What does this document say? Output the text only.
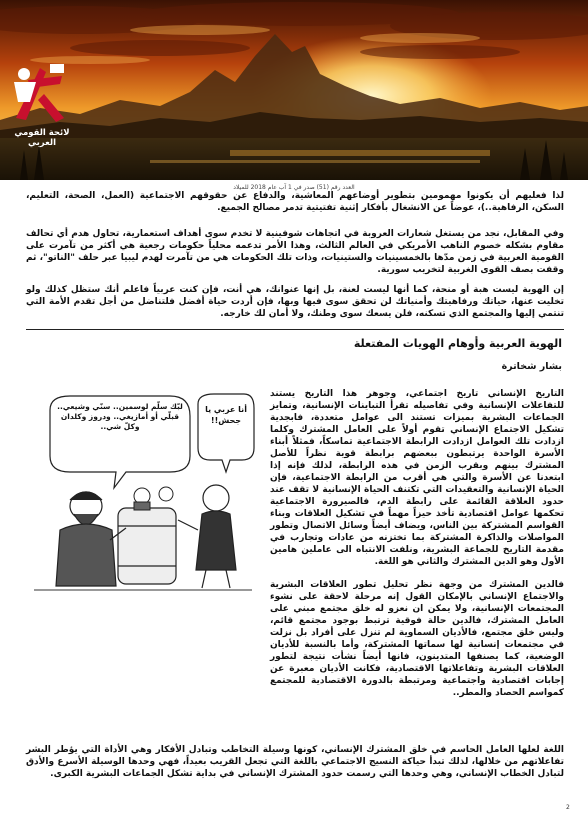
لائحة القومي العربي
العدد رقم (51) صدر في 1 آب عام 2018 للميلاد
لذا فعليهم أن يكونوا مهمومين بتطوير أوضاعهم المعاشية، والدفاع عن حقوقهم الاجتماعية (العمل، الصحة، التعليم، السكن، الرفاهية..)، عوضاً عن الانشغال بأفكار إثنية تفتيتية تدمر مصالح الجميع.
وفي المقابل، نجد من يستغل شعارات العروبة في اتجاهات شوفينية لا تخدم سوى أهداف استعمارية، تحاول هدم أي تحالف مقاوم بشكله خصوم الناهب الأمريكي في العالم الثالث، وهذا الأمر تدعمه محلياً حكومات رجعية هي أكثر من تآمرت على القومية العربية في زمن مدّها بالخمسينيات والستينيات، وذات تلك الحكومات هي من تآمرت لهدم ليبيا عبر حلف "الناتو"، ثم وقفت بصف القوى الغربية لتخريب سورية.
إن الهوية ليست هبة أو منحة، كما أنها ليست لعنة، بل إنها عنوانك، هي أنت، فإن كنت عربياً فاعلم أنك ستظل كذلك ولو تخليت عنها، حياتك ورفاهيتك وأمنياتك لن تحقق سوى فيها وبها، فإن أردت حياة أفضل فلتناضل من أجل تقدم الأمة التي تنتمي إليها والمجتمع الذي تسكنه، فلن يسعك سوى وطنك، ولا أمان لك خارجه.
الهوية العربية وأوهام الهويات المفتعلة
بشار شخاترة

التاريخ الإنساني تاريخ اجتماعي، وجوهر هذا التاريخ يستند للتفاعلات الإنسانية وفي تفاصيله تقرأ التباينات الإنسانية، وتمايز الجماعات البشرية بميزات تستند الى عوامل متعددة، فابجدية تشكيل الاجتماع الإنساني تقوم أولاً على العامل المشترك وكلما ازدادت تلك العوامل ازدادت الرابطة الاجتماعية تماسكاً، فمثلاً أبناء الأسرة الواحدة يرتبطون ببعضهم برابطة قوية نظراً للأصل المشترك بينهم وبقرب الزمن في هذه الرابطة، لذلك فإنه إذا ابتعدنا عن الأسرة والتي هي أقرب من الرابطة الاجتماعية، فإن الحياة الإنسانية والتعقيدات التي تكتنف الحياة الإنسانية لا تقف عند حدود العلاقة القائمة على رابطة الدم، فالصيرورة الاجتماعية تحكمها عوامل اقتصادية تأخذ حيزاً مهماً في تشكيل العلاقات وبناء القواسم المشتركة بين الناس، ويضاف أيضاً وسائل الاتصال وتطور المواصلات والذاكرة المشتركة بما تختزنه من عادات وتجارب في مقدمة التاريخ للجماعة البشرية، ونلفت الانتباه الى عاملين هامين الأول وهو الدين المشترك والثاني هو اللغة.

فالدين المشترك من وجهة نظر تحليل تطور العلاقات البشرية والاجتماع الإنساني بالإمكان القول إنه مرحلة لاحقة على نشوء المجتمعات الإنسانية، ولا يمكن ان نعزو له خلق مجتمع مبني على العامل المشترك، فالدين حالة فوقية ترتبط بوجود مجتمع قائم، وليس خلق مجتمع، فالأديان السماوية لم تنزل على أفراد بل نزلت في مجتمعات إنسانية لها سماتها المشتركة، وأما بالنسبة للأديان الوضعية، كما يصنفها المتدينون، فانها أيضاً نشأت نتيجة لتطور العلاقات البشرية وتفاعلاتها الاقتصادية، فكانت الأديان معبرة عن إجابات اقتصادية واجتماعية ومرتبطة بالدورة الاقتصادية للمجتمع كمواسم الحصاد والمطر..

لبّك سلّم لوسمين.. سنّي وشيعي.. قبلّي أو أمازيغي.. ودروز وكلدان وكلّ شي..
أنا عربي يا جحش!!
اللغة لعلها العامل الحاسم في خلق المشترك الإنساني، كونها وسيلة التخاطب وتبادل الأفكار وهي الأداة التي يؤطر البشر تفاعلاتهم من خلالها، لذلك تبدأ حياكة النسيج الاجتماعي باللغة التي تجعل القريب بعيداً، فهي وحدها الوسيلة الأسرع والأدق لتبادل الخطاب الإنساني، وهي وحدها التي رسمت حدود المشترك الإنساني في بداية تشكل الجماعات البشرية الكبرى.
2
